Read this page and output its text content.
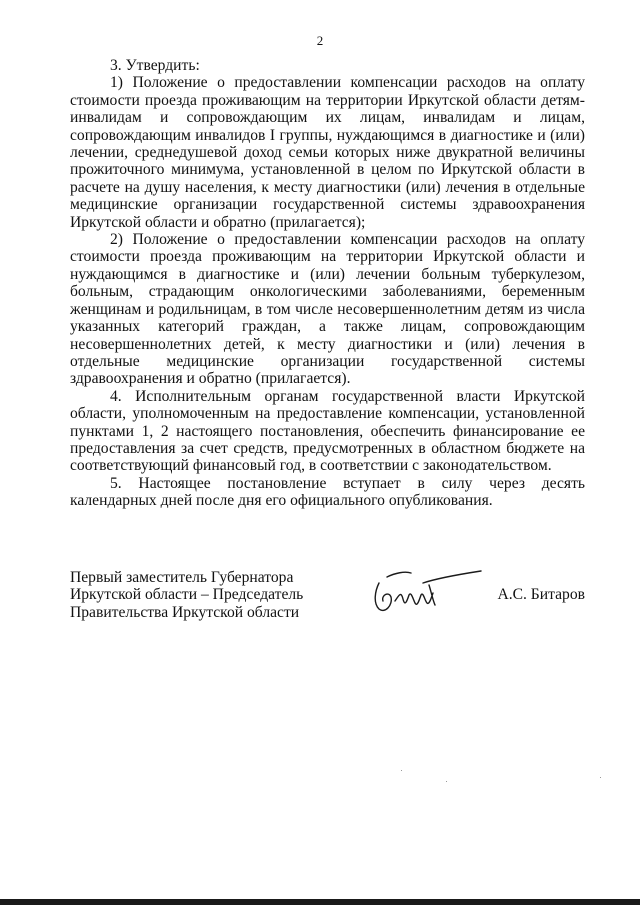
2

3. Утвердить:

1) Положение о предоставлении компенсации расходов на оплату стоимости проезда проживающим на территории Иркутской области детям-инвалидам и сопровождающим их лицам, инвалидам и лицам, сопровождающим инвалидов I группы, нуждающимся в диагностике и (или) лечении, среднедушевой доход семьи которых ниже двукратной величины прожиточного минимума, установленной в целом по Иркутской области в расчете на душу населения, к месту диагностики (или) лечения в отдельные медицинские организации государственной системы здравоохранения Иркутской области и обратно (прилагается);

2) Положение о предоставлении компенсации расходов на оплату стоимости проезда проживающим на территории Иркутской области и нуждающимся в диагностике и (или) лечении больным туберкулезом, больным, страдающим онкологическими заболеваниями, беременным женщинам и родильницам, в том числе несовершеннолетним детям из числа указанных категорий граждан, а также лицам, сопровождающим несовершеннолетних детей, к месту диагностики и (или) лечения в отдельные медицинские организации государственной системы здравоохранения и обратно (прилагается).

4. Исполнительным органам государственной власти Иркутской области, уполномоченным на предоставление компенсации, установленной пунктами 1, 2 настоящего постановления, обеспечить финансирование ее предоставления за счет средств, предусмотренных в областном бюджете на соответствующий финансовый год, в соответствии с законодательством.

5. Настоящее постановление вступает в силу через десять календарных дней после дня его официального опубликования.

Первый заместитель Губернатора
Иркутской области – Председатель
Правительства Иркутской области
А.С. Битаров
